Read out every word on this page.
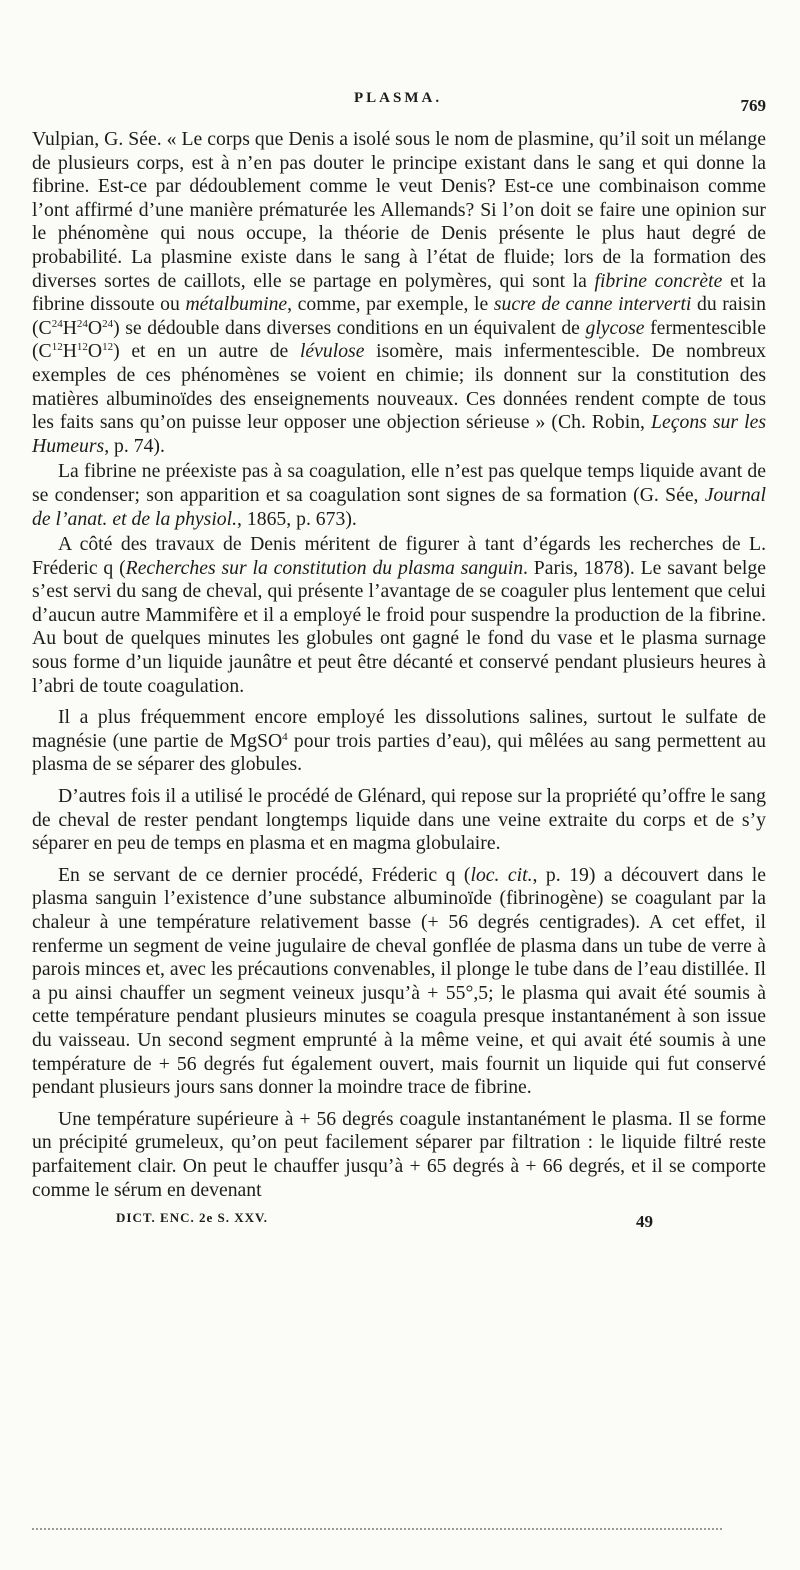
PLASMA.	769

Vulpian, G. Sée. « Le corps que Denis a isolé sous le nom de plasmine, qu’il soit un mélange de plusieurs corps, est à n’en pas douter le principe existant dans le sang et qui donne la fibrine. Est-ce par dédoublement comme le veut Denis? Est-ce une combinaison comme l’ont affirmé d’une manière prématurée les Allemands? Si l’on doit se faire une opinion sur le phénomène qui nous occupe, la théorie de Denis présente le plus haut degré de probabilité. La plasmine existe dans le sang à l’état de fluide; lors de la formation des diverses sortes de caillots, elle se partage en polymères, qui sont la fibrine concrète et la fibrine dissoute ou métalbumine, comme, par exemple, le sucre de canne interverti du raisin $(C^{24}H^{24}O^{24})$ se dédouble dans diverses conditions en un équivalent de glycose fermentescible $(C^{12}H^{12}O^{12})$ et en un autre de lévulose isomère, mais infermentescible. De nombreux exemples de ces phénomènes se voient en chimie; ils donnent sur la constitution des matières albuminoïdes des enseignements nouveaux. Ces données rendent compte de tous les faits sans qu’on puisse leur opposer une objection sérieuse » (Ch. Robin, Leçons sur les Humeurs, p. 74).

La fibrine ne préexiste pas à sa coagulation, elle n’est pas quelque temps liquide avant de se condenser; son apparition et sa coagulation sont signes de sa formation (G. Sée, Journal de l’anat. et de la physiol., 1865, p. 673).

A côté des travaux de Denis méritent de figurer à tant d’égards les recherches de L. Fréderic q (Recherches sur la constitution du plasma sanguin. Paris, 1878). Le savant belge s’est servi du sang de cheval, qui présente l’avantage de se coaguler plus lentement que celui d’aucun autre Mammifère et il a employé le froid pour suspendre la production de la fibrine. Au bout de quelques minutes les globules ont gagné le fond du vase et le plasma surnage sous forme d’un liquide jaunâtre et peut être décanté et conservé pendant plusieurs heures à l’abri de toute coagulation.

Il a plus fréquemment encore employé les dissolutions salines, surtout le sulfate de magnésie (une partie de MgSO$^4$ pour trois parties d’eau), qui mêlées au sang permettent au plasma de se séparer des globules.

D’autres fois il a utilisé le procédé de Glénard, qui repose sur la propriété qu’offre le sang de cheval de rester pendant longtemps liquide dans une veine extraite du corps et de s’y séparer en peu de temps en plasma et en magma globulaire.

En se servant de ce dernier procédé, Fréderic q (loc. cit., p. 19) a découvert dans le plasma sanguin l’existence d’une substance albuminoïde (fibrinogène) se coagulant par la chaleur à une température relativement basse (+ 56 degrés centigrades). A cet effet, il renferme un segment de veine jugulaire de cheval gonflée de plasma dans un tube de verre à parois minces et, avec les précautions convenables, il plonge le tube dans de l’eau distillée. Il a pu ainsi chauffer un segment veineux jusqu’à + 55°,5; le plasma qui avait été soumis à cette température pendant plusieurs minutes se coagula presque instantanément à son issue du vaisseau. Un second segment emprunté à la même veine, et qui avait été soumis à une température de + 56 degrés fut également ouvert, mais fournit un liquide qui fut conservé pendant plusieurs jours sans donner la moindre trace de fibrine.

Une température supérieure à + 56 degrés coagule instantanément le plasma. Il se forme un précipité grumeleux, qu’on peut facilement séparer par filtration : le liquide filtré reste parfaitement clair. On peut le chauffer jusqu’à + 65 degrés à + 66 degrés, et il se comporte comme le sérum en devenant

DICT. ENC. 2e S. XXV.	49
